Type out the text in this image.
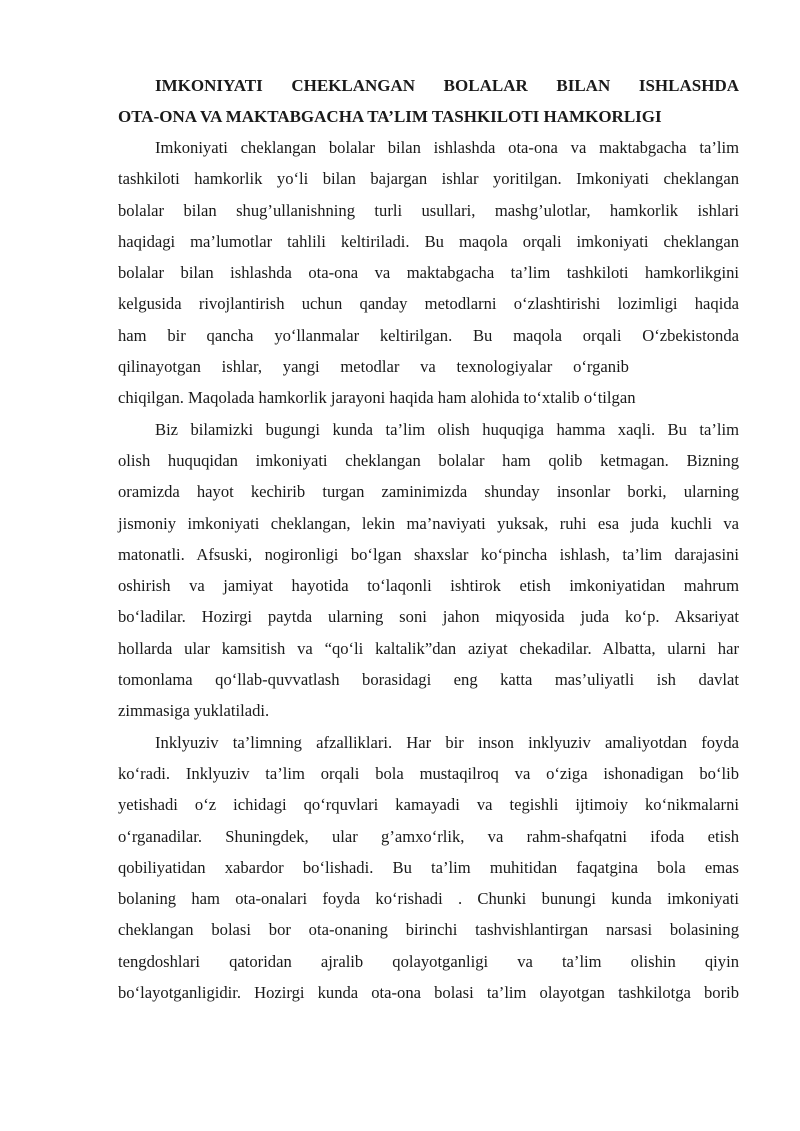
IMKONIYATI CHEKLANGAN BOLALAR BILAN ISHLASHDA
OTA-ONA VA MAKTABGACHA TA’LIM TASHKILOTI HAMKORLIGI
Imkoniyati cheklangan bolalar bilan ishlashda ota-ona va maktabgacha ta’lim
tashkiloti hamkorlik yo‘li bilan bajargan ishlar yoritilgan. Imkoniyati cheklangan
bolalar bilan shug’ullanishning turli usullari, mashg’ulotlar, hamkorlik ishlari
haqidagi ma’lumotlar tahlili keltiriladi. Bu maqola orqali imkoniyati cheklangan
bolalar bilan ishlashda ota-ona va maktabgacha ta’lim tashkiloti hamkorlikgini
kelgusida rivojlantirish uchun qanday metodlarni o‘zlashtirishi lozimligi haqida
ham bir qancha yo‘llanmalar keltirilgan. Bu maqola orqali O‘zbekistonda
qilinayotgan ishlar, yangi metodlar va texnologiyalar o‘rganib
chiqilgan. Maqolada hamkorlik jarayoni haqida ham alohida to‘xtalib o‘tilgan
Biz bilamizki bugungi kunda ta’lim olish huquqiga hamma xaqli. Bu ta’lim
olish huquqidan imkoniyati cheklangan bolalar ham qolib ketmagan. Bizning
oramizda hayot kechirib turgan zaminimizda shunday insonlar borki, ularning
jismoniy imkoniyati cheklangan, lekin ma’naviyati yuksak, ruhi esa juda kuchli va
matonatli. Afsuski, nogironligi bo‘lgan shaxslar ko‘pincha ishlash, ta’lim darajasini
oshirish va jamiyat hayotida to‘laqonli ishtirok etish imkoniyatidan mahrum
bo‘ladilar. Hozirgi paytda ularning soni jahon miqyosida juda ko‘p. Aksariyat
hollarda ular kamsitish va “qo‘li kaltalik”dan aziyat chekadilar. Albatta, ularni har
tomonlama qo‘llab-quvvatlash borasidagi eng katta mas’uliyatli ish davlat
zimmasiga yuklatiladi.
Inklyuziv ta’limning afzalliklari. Har bir inson inklyuziv amaliyotdan foyda
ko‘radi. Inklyuziv ta’lim orqali bola mustaqilroq va o‘ziga ishonadigan bo‘lib
yetishadi o‘z ichidagi qo‘rquvlari kamayadi va tegishli ijtimoiy ko‘nikmalarni
o‘rganadilar. Shuningdek, ular g’amxo‘rlik, va rahm-shafqatni ifoda etish
qobiliyatidan xabardor bo‘lishadi. Bu ta’lim muhitidan faqatgina bola emas
bolaning ham ota-onalari foyda ko‘rishadi . Chunki bunungi kunda imkoniyati
cheklangan bolasi bor ota-onaning birinchi tashvishlantirgan narsasi bolasining
tengdoshlari qatoridan ajralib qolayotganligi va ta’lim olishin qiyin
bo‘layotganligidir. Hozirgi kunda ota-ona bolasi ta’lim olayotgan tashkilotga borib
